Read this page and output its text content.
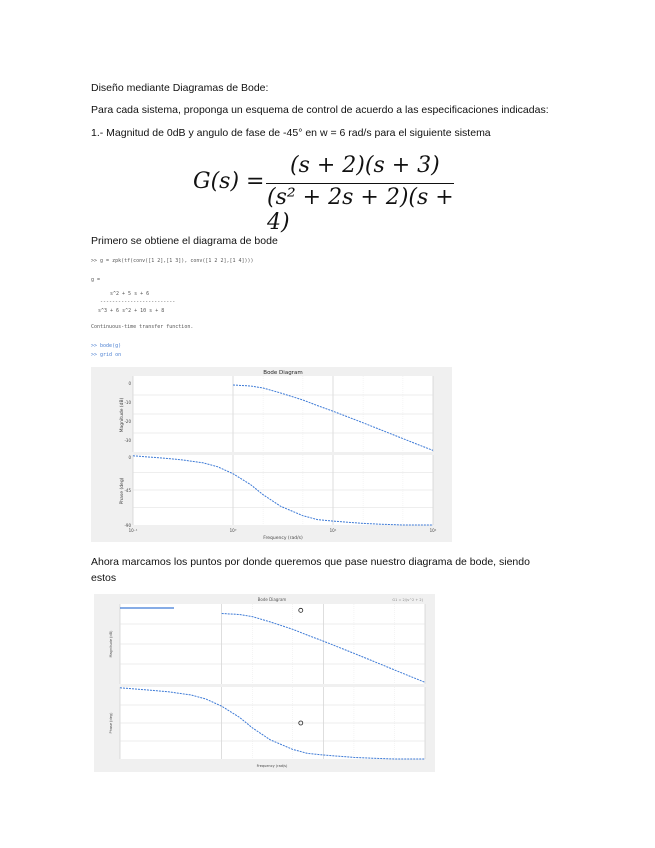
Diseño mediante Diagramas de Bode:
Para cada sistema, proponga un esquema de control de acuerdo a las especificaciones indicadas:
1.- Magnitud de 0dB y angulo de fase de -45° en w = 6 rad/s para el siguiente sistema
G(s) =
(s + 2)(s + 3)
(s² + 2s + 2)(s + 4)
Primero se obtiene el diagrama de bode
>> g = zpk(tf(conv([1 2],[1 3]), conv([1 2 2],[1 4])))
g =
s^2 + 5 s + 6
-------------------------
s^3 + 6 s^2 + 10 s + 8
Continuous-time transfer function.
>> bode(g)
>> grid on
Bode Diagram
Magnitude (dB)
Phase (deg)
0
-10
-20
-30
0
-45
-90
10⁻¹	10⁰	10¹	10²
Frequency (rad/s)
Ahora marcamos los puntos por donde queremos que pase nuestro diagrama de bode, siendo
estos
Bode Diagram	G1 = 2/(s^2 + 2)
Magnitude (dB)
Phase (deg)
Frequency (rad/s)
